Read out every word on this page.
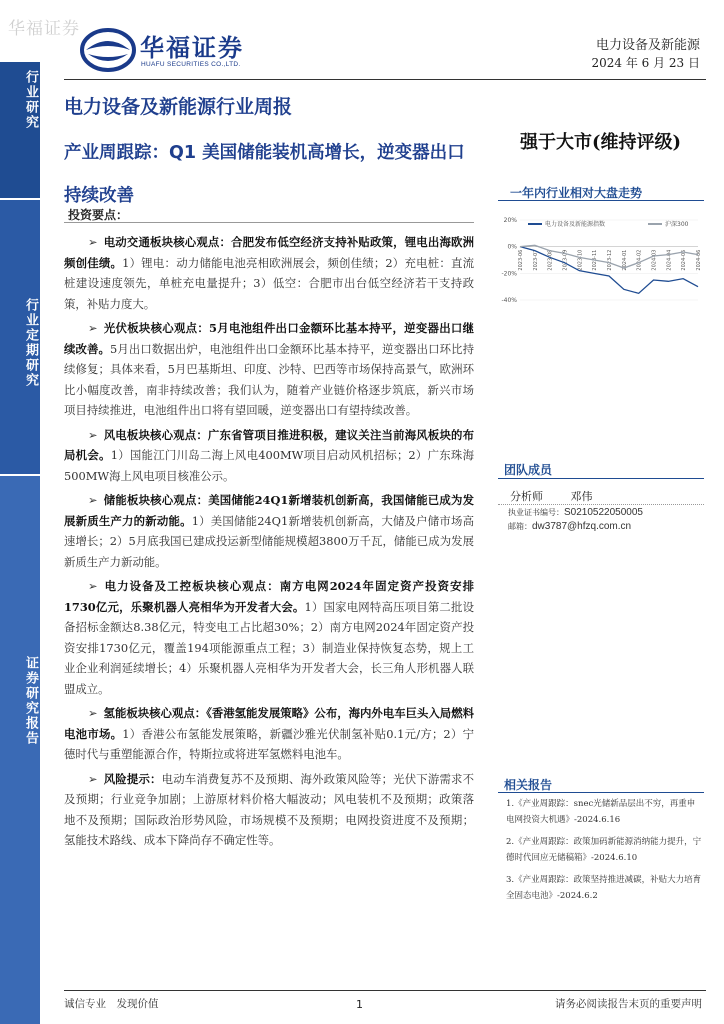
华福证券
华福证券
HUAFU SECURITIES CO.,LTD.
电力设备及新能源
2024 年 6 月 23 日
行业研究
行业定期研究
证券研究报告
电力设备及新能源行业周报
产业周跟踪：Q1 美国储能装机高增长，逆变器出口持续改善
强于大市(维持评级)
投资要点：

➢ 电动交通板块核心观点：合肥发布低空经济支持补贴政策，锂电出海欧洲频创佳绩。1）锂电：动力储能电池亮相欧洲展会，频创佳绩；2）充电桩：直流桩建设速度领先，单桩充电量提升；3）低空：合肥市出台低空经济若干支持政策，补贴力度大。

➢ 光伏板块核心观点：5月电池组件出口金额环比基本持平，逆变器出口继续改善。5月出口数据出炉，电池组件出口金额环比基本持平，逆变器出口环比持续修复；具体来看，5月巴基斯坦、印度、沙特、巴西等市场保持高景气，欧洲环比小幅度改善，南非持续改善；我们认为，随着产业链价格逐步筑底，新兴市场项目持续推进，电池组件出口将有望回暖，逆变器出口有望持续改善。

➢ 风电板块核心观点：广东省管项目推进积极，建议关注当前海风板块的布局机会。1）国能江门川岛二海上风电400MW项目启动风机招标；2）广东珠海500MW海上风电项目核准公示。

➢ 储能板块核心观点：美国储能24Q1新增装机创新高，我国储能已成为发展新质生产力的新动能。1）美国储能24Q1新增装机创新高，大储及户储市场高速增长；2）5月底我国已建成投运新型储能规模超3800万千瓦，储能已成为发展新质生产力新动能。

➢ 电力设备及工控板块核心观点：南方电网2024年固定资产投资安排1730亿元，乐聚机器人亮相华为开发者大会。1）国家电网特高压项目第二批设备招标金额达8.38亿元，特变电工占比超30%；2）南方电网2024年固定资产投资安排1730亿元，覆盖194项能源重点工程；3）制造业保持恢复态势，规上工业企业利润延续增长；4）乐聚机器人亮相华为开发者大会，长三角人形机器人联盟成立。

➢ 氢能板块核心观点：《香港氢能发展策略》公布，海内外电车巨头入局燃料电池市场。1）香港公布氢能发展策略，新疆沙雅光伏制氢补贴0.1元/方；2）宁德时代与重塑能源合作，特斯拉或将进军氢燃料电池车。

➢ 风险提示：电动车消费复苏不及预期、海外政策风险等；光伏下游需求不及预期；行业竞争加剧；上游原材料价格大幅波动；风电装机不及预期；政策落地不及预期；国际政治形势风险，市场规模不及预期；电网投资进度不及预期；氢能技术路线、成本下降尚存不确定性等。

一年内行业相对大盘走势
20%
0%
-20%
-40%
2023-06 2023-07 2023-08 2023-09 2023-10 2023-11 2023-12 2024-01 2024-02 2024-03 2024-04 2024-05 2024-06
电力设备及新能源指数	沪深300
团队成员
分析师	邓伟
执业证书编号：S0210522050005
邮箱：dw3787@hfzq.com.cn
相关报告
1.《产业周跟踪：snec光储新品层出不穷，再重申电网投资大机遇》-2024.6.16
2.《产业周跟踪：政策加码新能源消纳能力提升，宁德时代回应无储稿箱》-2024.6.10
3.《产业周跟踪：政策坚持推进减碳，补贴大力培育全固态电池》-2024.6.2
诚信专业　发现价值	1	请务必阅读报告末页的重要声明
